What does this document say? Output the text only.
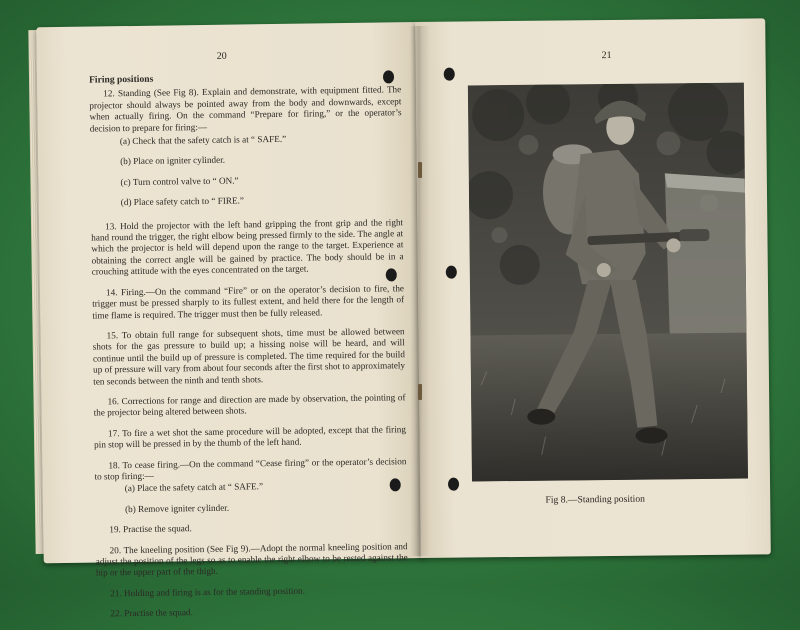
20
Firing positions

12. Standing (See Fig 8). Explain and demonstrate, with equipment fitted. The projector should always be pointed away from the body and downwards, except when actually firing. On the command “Prepare for firing,” or the operator’s decision to prepare for firing:—

(a) Check that the safety catch is at “ SAFE.”

(b) Place on igniter cylinder.

(c) Turn control valve to “ ON.”

(d) Place safety catch to “ FIRE.”

13. Hold the projector with the left hand gripping the front grip and the right hand round the trigger, the right elbow being pressed firmly to the side. The angle at which the projector is held will depend upon the range to the target. Experience at obtaining the correct angle will be gained by practice. The body should be in a crouching attitude with the eyes concentrated on the target.

14. Firing.—On the command “Fire” or on the operator’s decision to fire, the trigger must be pressed sharply to its fullest extent, and held there for the length of time flame is required. The trigger must then be fully released.

15. To obtain full range for subsequent shots, time must be allowed between shots for the gas pressure to build up; a hissing noise will be heard, and will continue until the build up of pressure is completed. The time required for the build up of pressure will vary from about four seconds after the first shot to approximately ten seconds between the ninth and tenth shots.

16. Corrections for range and direction are made by observation, the pointing of the projector being altered between shots.

17. To fire a wet shot the same procedure will be adopted, except that the firing pin stop will be pressed in by the thumb of the left hand.

18. To cease firing.—On the command “Cease firing” or the operator’s decision to stop firing:—

(a) Place the safety catch at “ SAFE.”

(b) Remove igniter cylinder.

19. Practise the squad.

20. The kneeling position (See Fig 9).—Adopt the normal kneeling position and adjust the position of the legs so as to enable the right elbow to be rested against the hip or the upper part of the thigh.

21. Holding and firing is as for the standing position.

22. Practise the squad.

21
Fig 8.—Standing position
